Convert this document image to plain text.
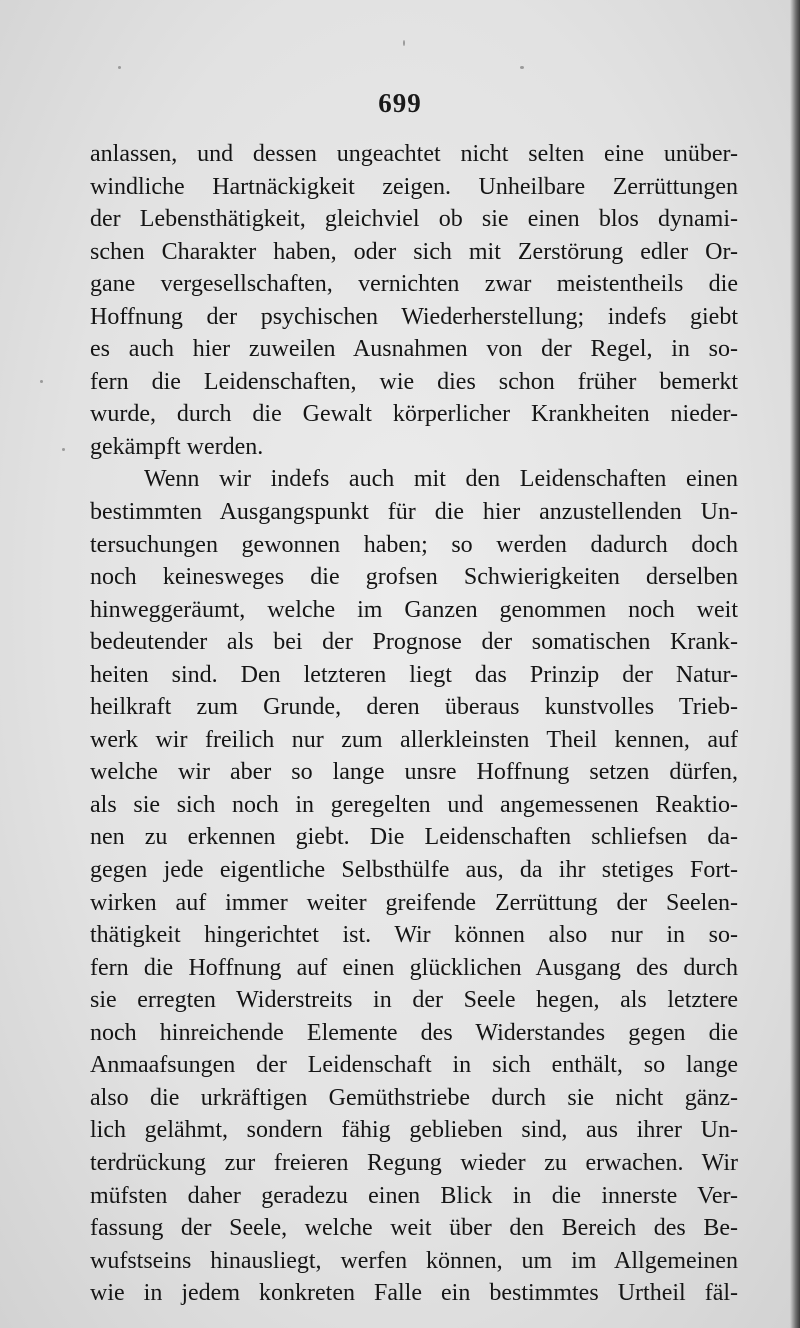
699
anlassen, und dessen ungeachtet nicht selten eine unüber-
windliche Hartnäckigkeit zeigen. Unheilbare Zerrüttungen
der Lebensthätigkeit, gleichviel ob sie einen blos dynami-
schen Charakter haben, oder sich mit Zerstörung edler Or-
gane vergesellschaften, vernichten zwar meistentheils die
Hoffnung der psychischen Wiederherstellung; indefs giebt
es auch hier zuweilen Ausnahmen von der Regel, in so-
fern die Leidenschaften, wie dies schon früher bemerkt
wurde, durch die Gewalt körperlicher Krankheiten nieder-
gekämpft werden.
Wenn wir indefs auch mit den Leidenschaften einen
bestimmten Ausgangspunkt für die hier anzustellenden Un-
tersuchungen gewonnen haben; so werden dadurch doch
noch keinesweges die grofsen Schwierigkeiten derselben
hinweggeräumt, welche im Ganzen genommen noch weit
bedeutender als bei der Prognose der somatischen Krank-
heiten sind. Den letzteren liegt das Prinzip der Natur-
heilkraft zum Grunde, deren überaus kunstvolles Trieb-
werk wir freilich nur zum allerkleinsten Theil kennen, auf
welche wir aber so lange unsre Hoffnung setzen dürfen,
als sie sich noch in geregelten und angemessenen Reaktio-
nen zu erkennen giebt. Die Leidenschaften schliefsen da-
gegen jede eigentliche Selbsthülfe aus, da ihr stetiges Fort-
wirken auf immer weiter greifende Zerrüttung der Seelen-
thätigkeit hingerichtet ist. Wir können also nur in so-
fern die Hoffnung auf einen glücklichen Ausgang des durch
sie erregten Widerstreits in der Seele hegen, als letztere
noch hinreichende Elemente des Widerstandes gegen die
Anmaafsungen der Leidenschaft in sich enthält, so lange
also die urkräftigen Gemüthstriebe durch sie nicht gänz-
lich gelähmt, sondern fähig geblieben sind, aus ihrer Un-
terdrückung zur freieren Regung wieder zu erwachen. Wir
müfsten daher geradezu einen Blick in die innerste Ver-
fassung der Seele, welche weit über den Bereich des Be-
wufstseins hinausliegt, werfen können, um im Allgemeinen
wie in jedem konkreten Falle ein bestimmtes Urtheil fäl-
